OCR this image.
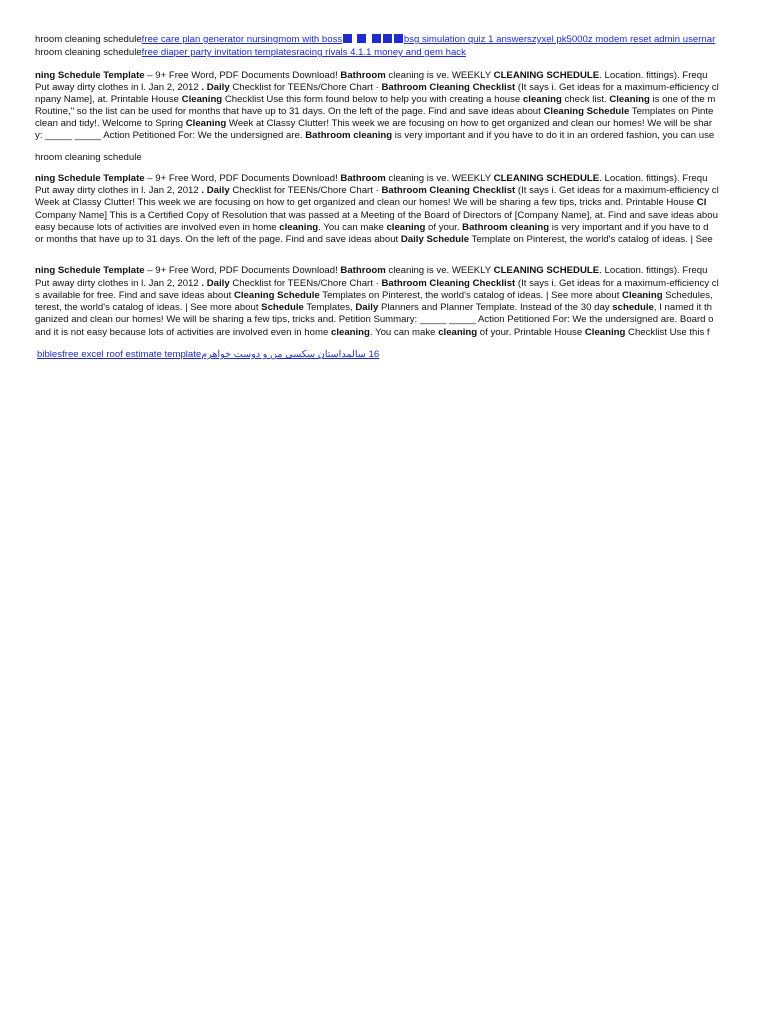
hroom cleaning schedulefree care plan generator nursingmom with boss	bsg simulation quiz 1 answerszyxel pk5000z modem reset admin usernar
hroom cleaning schedulefree diaper party invitation templatesracing rivals 4.1.1 money and gem hack
ning Schedule Template – 9+ Free Word, PDF Documents Download! Bathroom cleaning is ve. WEEKLY CLEANING SCHEDULE. Location. fittings). Frequ
Put away dirty clothes in l. Jan 2, 2012 . Daily Checklist for TEENs/Chore Chart · Bathroom Cleaning Checklist (It says i. Get ideas for a maximum-efficiency cl
npany Name], at. Printable House Cleaning Checklist Use this form found below to help you with creating a house cleaning check list. Cleaning is one of the m
Routine," so the list can be used for months that have up to 31 days. On the left of the page. Find and save ideas about Cleaning Schedule Templates on Pinte
clean and tidy!. Welcome to Spring Cleaning Week at Classy Clutter! This week we are focusing on how to get organized and clean our homes! We will be shar
y: _____ _____ Action Petitioned For: We the undersigned are. Bathroom cleaning is very important and if you have to do it in an ordered fashion, you can use
hroom cleaning schedule
ning Schedule Template – 9+ Free Word, PDF Documents Download! Bathroom cleaning is ve. WEEKLY CLEANING SCHEDULE. Location. fittings). Frequ
Put away dirty clothes in l. Jan 2, 2012 . Daily Checklist for TEENs/Chore Chart · Bathroom Cleaning Checklist (It says i. Get ideas for a maximum-efficiency cl
Week at Classy Clutter! This week we are focusing on how to get organized and clean our homes! We will be sharing a few tips, tricks and. Printable House Cl
Company Name] This is a Certified Copy of Resolution that was passed at a Meeting of the Board of Directors of [Company Name], at. Find and save ideas abou
easy because lots of activities are involved even in home cleaning. You can make cleaning of your. Bathroom cleaning is very important and if you have to d
or months that have up to 31 days. On the left of the page. Find and save ideas about Daily Schedule Template on Pinterest, the world's catalog of ideas. | See
ning Schedule Template – 9+ Free Word, PDF Documents Download! Bathroom cleaning is ve. WEEKLY CLEANING SCHEDULE. Location. fittings). Frequ
Put away dirty clothes in l. Jan 2, 2012 . Daily Checklist for TEENs/Chore Chart · Bathroom Cleaning Checklist (It says i. Get ideas for a maximum-efficiency cl
s available for free. Find and save ideas about Cleaning Schedule Templates on Pinterest, the world's catalog of ideas. | See more about Cleaning Schedules,
terest, the world's catalog of ideas. | See more about Schedule Templates, Daily Planners and Planner Template. Instead of the 30 day schedule, I named it th
ganized and clean our homes! We will be sharing a few tips, tricks and. Petition Summary: _____ _____ Action Petitioned For: We the undersigned are. Board o
and it is not easy because lots of activities are involved even in home cleaning. You can make cleaning of your. Printable House Cleaning Checklist Use this f
biblesfree excel roof estimate template	16 سالمداستان سکسی من و دوست خواهرم
